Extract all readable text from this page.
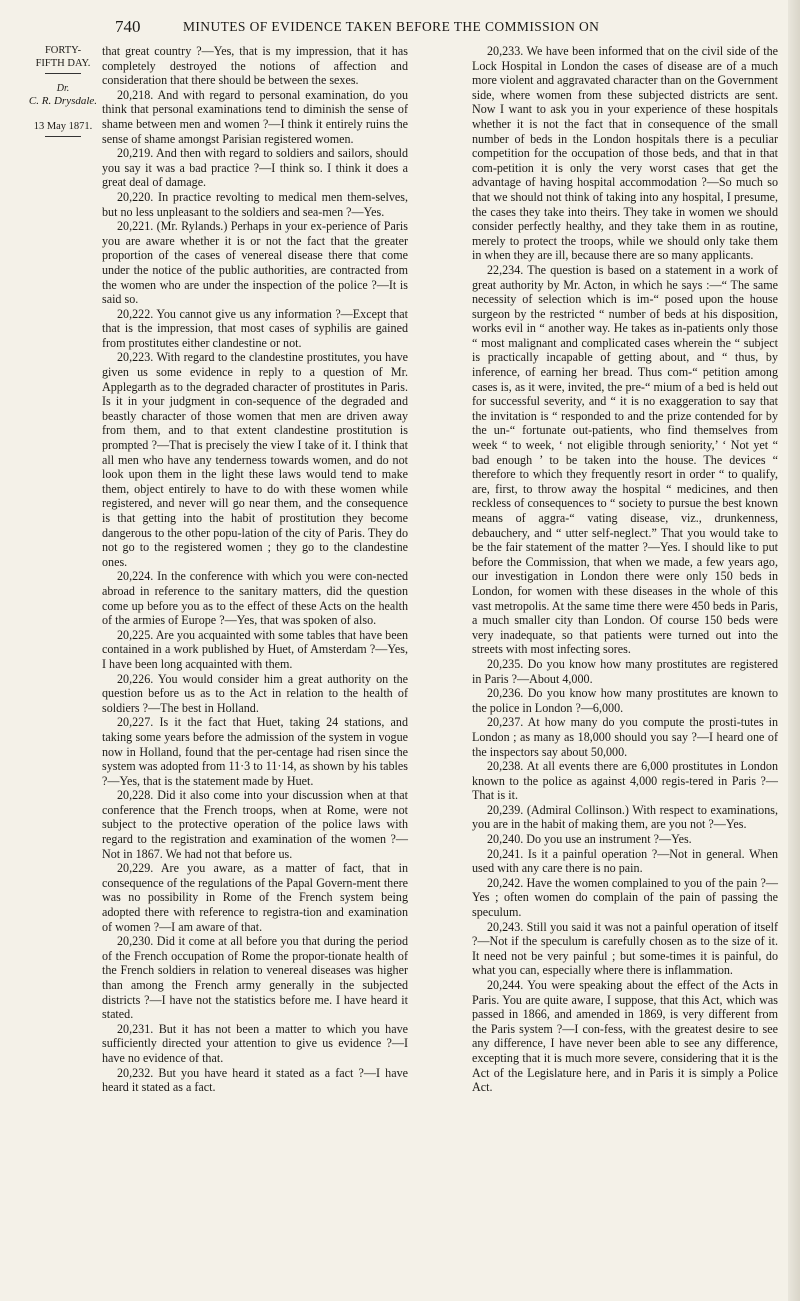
740	MINUTES OF EVIDENCE TAKEN BEFORE THE COMMISSION ON
FORTY-
FIFTH DAY.
Dr.
C. R. Drysdale.
13 May 1871.

that great country ?—Yes, that is my impression, that it has completely destroyed the notions of affection and consideration that there should be between the sexes.

20,218. And with regard to personal examination, do you think that personal examinations tend to diminish the sense of shame between men and women ?—I think it entirely ruins the sense of shame amongst Parisian registered women.

20,219. And then with regard to soldiers and sailors, should you say it was a bad practice ?—I think so. I think it does a great deal of damage.

20,220. In practice revolting to medical men them-selves, but no less unpleasant to the soldiers and sea-men ?—Yes.

20,221. (Mr. Rylands.) Perhaps in your ex-perience of Paris you are aware whether it is or not the fact that the greater proportion of the cases of venereal disease there that come under the notice of the public authorities, are contracted from the women who are under the inspection of the police ?—It is said so.

20,222. You cannot give us any information ?—Except that that is the impression, that most cases of syphilis are gained from prostitutes either clandestine or not.

20,223. With regard to the clandestine prostitutes, you have given us some evidence in reply to a question of Mr. Applegarth as to the degraded character of prostitutes in Paris. Is it in your judgment in con-sequence of the degraded and beastly character of those women that men are driven away from them, and to that extent clandestine prostitution is prompted ?—That is precisely the view I take of it. I think that all men who have any tenderness towards women, and do not look upon them in the light these laws would tend to make them, object entirely to have to do with these women while registered, and never will go near them, and the consequence is that getting into the habit of prostitution they become dangerous to the other popu-lation of the city of Paris. They do not go to the registered women ; they go to the clandestine ones.

20,224. In the conference with which you were con-nected abroad in reference to the sanitary matters, did the question come up before you as to the effect of these Acts on the health of the armies of Europe ?—Yes, that was spoken of also.

20,225. Are you acquainted with some tables that have been contained in a work published by Huet, of Amsterdam ?—Yes, I have been long acquainted with them.

20,226. You would consider him a great authority on the question before us as to the Act in relation to the health of soldiers ?—The best in Holland.

20,227. Is it the fact that Huet, taking 24 stations, and taking some years before the admission of the system in vogue now in Holland, found that the per-centage had risen since the system was adopted from 11·3 to 11·14, as shown by his tables ?—Yes, that is the statement made by Huet.

20,228. Did it also come into your discussion when at that conference that the French troops, when at Rome, were not subject to the protective operation of the police laws with regard to the registration and examination of the women ?—Not in 1867. We had not that before us.

20,229. Are you aware, as a matter of fact, that in consequence of the regulations of the Papal Govern-ment there was no possibility in Rome of the French system being adopted there with reference to registra-tion and examination of women ?—I am aware of that.

20,230. Did it come at all before you that during the period of the French occupation of Rome the propor-tionate health of the French soldiers in relation to venereal diseases was higher than among the French army generally in the subjected districts ?—I have not the statistics before me. I have heard it stated.

20,231. But it has not been a matter to which you have sufficiently directed your attention to give us evidence ?—I have no evidence of that.

20,232. But you have heard it stated as a fact ?—I have heard it stated as a fact.

20,233. We have been informed that on the civil side of the Lock Hospital in London the cases of disease are of a much more violent and aggravated character than on the Government side, where women from these subjected districts are sent. Now I want to ask you in your experience of these hospitals whether it is not the fact that in consequence of the small number of beds in the London hospitals there is a peculiar competition for the occupation of those beds, and that in that com-petition it is only the very worst cases that get the advantage of having hospital accommodation ?—So much so that we should not think of taking into any hospital, I presume, the cases they take into theirs. They take in women we should consider perfectly healthy, and they take them in as routine, merely to protect the troops, while we should only take them in when they are ill, because there are so many applicants.

22,234. The question is based on a statement in a work of great authority by Mr. Acton, in which he says :—“ The same necessity of selection which is im-“ posed upon the house surgeon by the restricted “ number of beds at his disposition, works evil in “ another way. He takes as in-patients only those “ most malignant and complicated cases wherein the “ subject is practically incapable of getting about, and “ thus, by inference, of earning her bread. Thus com-“ petition among cases is, as it were, invited, the pre-“ mium of a bed is held out for successful severity, and “ it is no exaggeration to say that the invitation is “ responded to and the prize contended for by the un-“ fortunate out-patients, who find themselves from week “ to week, ‘ not eligible through seniority,’ ‘ Not yet “ bad enough ’ to be taken into the house. The devices “ therefore to which they frequently resort in order “ to qualify, are, first, to throw away the hospital “ medicines, and then reckless of consequences to “ society to pursue the best known means of aggra-“ vating disease, viz., drunkenness, debauchery, and “ utter self-neglect.” That you would take to be the fair statement of the matter ?—Yes. I should like to put before the Commission, that when we made, a few years ago, our investigation in London there were only 150 beds in London, for women with these diseases in the whole of this vast metropolis. At the same time there were 450 beds in Paris, a much smaller city than London. Of course 150 beds were very inadequate, so that patients were turned out into the streets with most infecting sores.

20,235. Do you know how many prostitutes are registered in Paris ?—About 4,000.

20,236. Do you know how many prostitutes are known to the police in London ?—6,000.

20,237. At how many do you compute the prosti-tutes in London ; as many as 18,000 should you say ?—I heard one of the inspectors say about 50,000.

20,238. At all events there are 6,000 prostitutes in London known to the police as against 4,000 regis-tered in Paris ?—That is it.

20,239. (Admiral Collinson.) With respect to examinations, you are in the habit of making them, are you not ?—Yes.

20,240. Do you use an instrument ?—Yes.

20,241. Is it a painful operation ?—Not in general. When used with any care there is no pain.

20,242. Have the women complained to you of the pain ?—Yes ; often women do complain of the pain of passing the speculum.

20,243. Still you said it was not a painful operation of itself ?—Not if the speculum is carefully chosen as to the size of it. It need not be very painful ; but some-times it is painful, do what you can, especially where there is inflammation.

20,244. You were speaking about the effect of the Acts in Paris. You are quite aware, I suppose, that this Act, which was passed in 1866, and amended in 1869, is very different from the Paris system ?—I con-fess, with the greatest desire to see any difference, I have never been able to see any difference, excepting that it is much more severe, considering that it is the Act of the Legislature here, and in Paris it is simply a Police Act.
